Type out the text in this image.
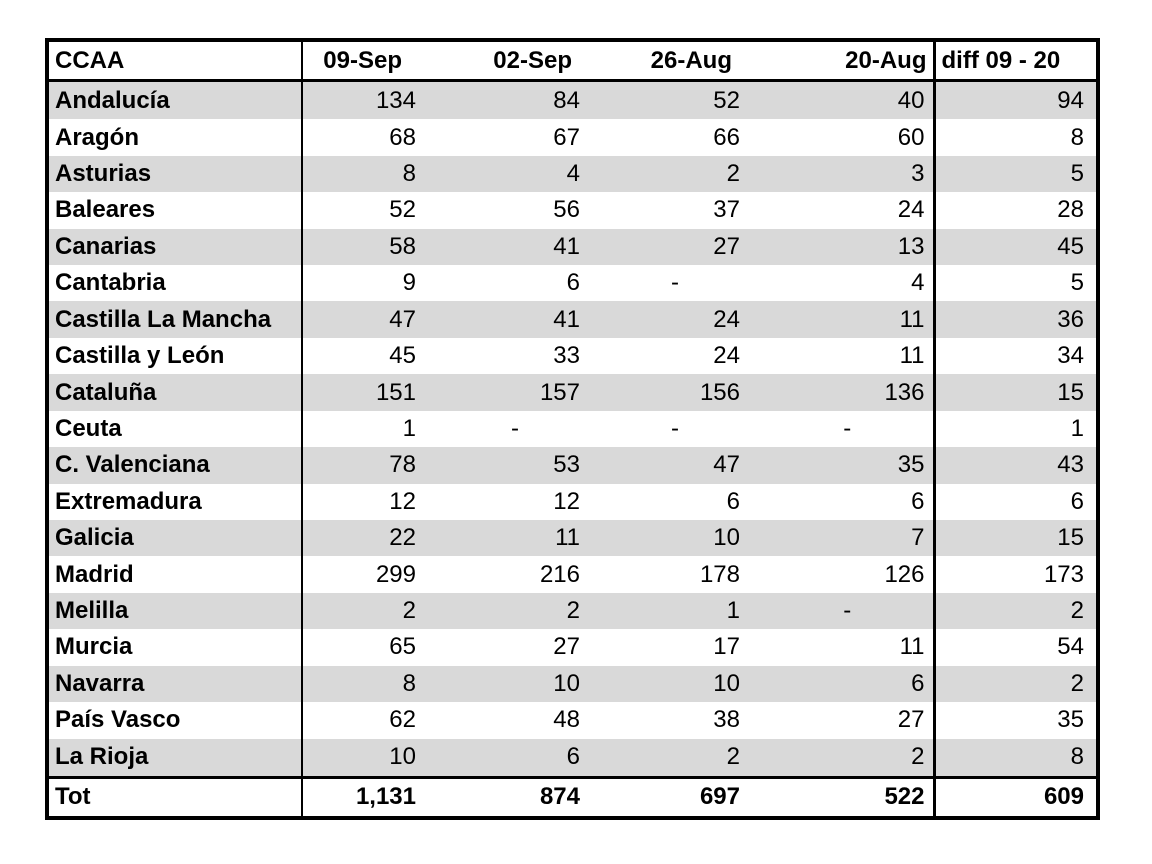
CCAA	09-Sep	02-Sep	26-Aug	20-Aug	diff 09 - 20
Andalucía	134	84	52	40	94
Aragón	68	67	66	60	8
Asturias	8	4	2	3	5
Baleares	52	56	37	24	28
Canarias	58	41	27	13	45
Cantabria	9	6	-	4	5
Castilla La Mancha	47	41	24	11	36
Castilla y León	45	33	24	11	34
Cataluña	151	157	156	136	15
Ceuta	1	-	-	-	1
C. Valenciana	78	53	47	35	43
Extremadura	12	12	6	6	6
Galicia	22	11	10	7	15
Madrid	299	216	178	126	173
Melilla	2	2	1	-	2
Murcia	65	27	17	11	54
Navarra	8	10	10	6	2
País Vasco	62	48	38	27	35
La Rioja	10	6	2	2	8
Tot	1,131	874	697	522	609
